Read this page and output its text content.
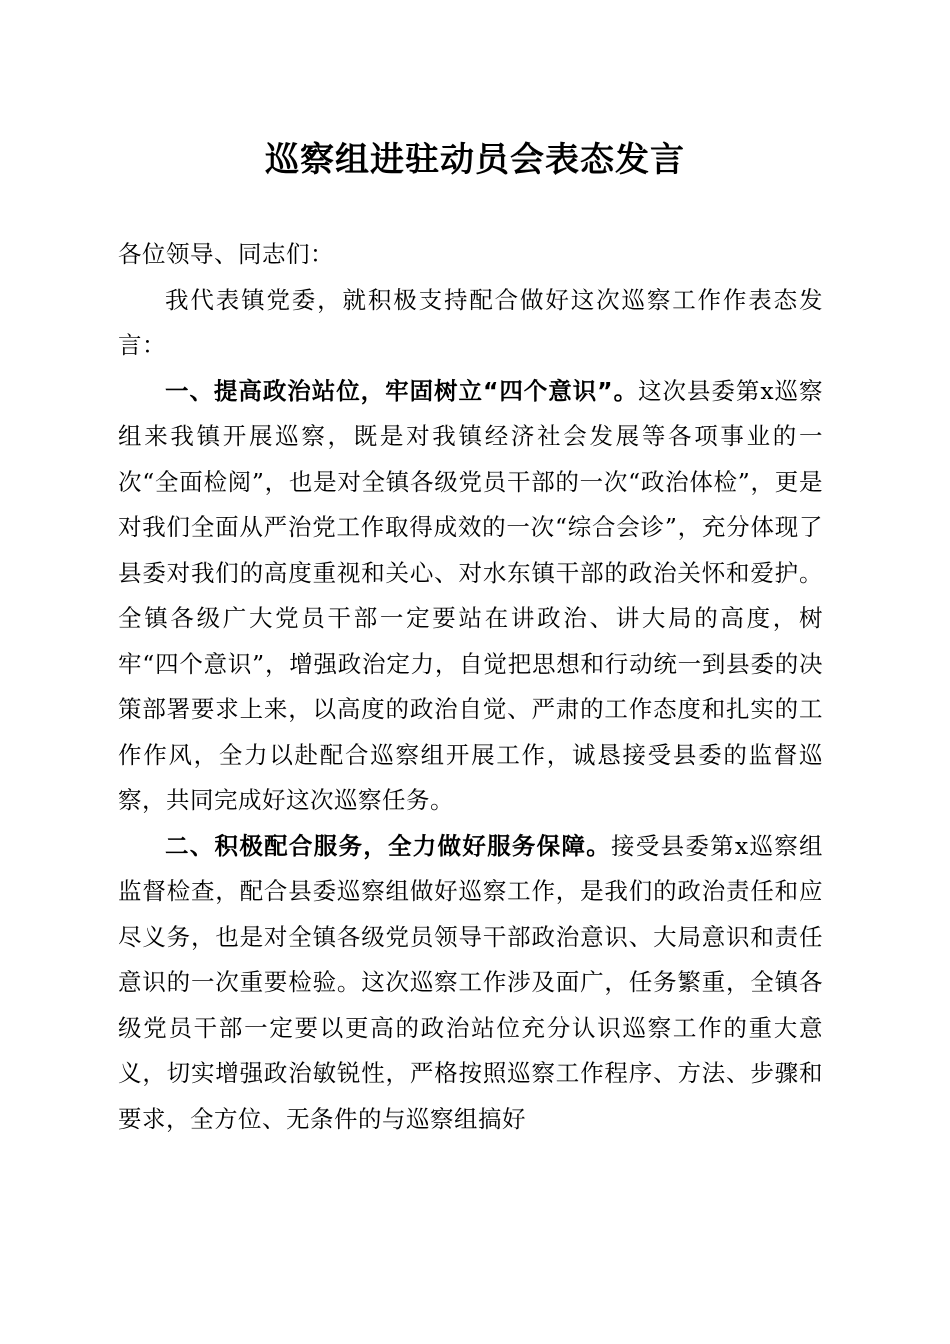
巡察组进驻动员会表态发言

各位领导、同志们：

我代表镇党委，就积极支持配合做好这次巡察工作作表态发言：

一、提高政治站位，牢固树立“四个意识”。这次县委第x巡察组来我镇开展巡察，既是对我镇经济社会发展等各项事业的一次“全面检阅”，也是对全镇各级党员干部的一次“政治体检”，更是对我们全面从严治党工作取得成效的一次“综合会诊”，充分体现了县委对我们的高度重视和关心、对水东镇干部的政治关怀和爱护。全镇各级广大党员干部一定要站在讲政治、讲大局的高度，树牢“四个意识”，增强政治定力，自觉把思想和行动统一到县委的决策部署要求上来，以高度的政治自觉、严肃的工作态度和扎实的工作作风，全力以赴配合巡察组开展工作，诚恳接受县委的监督巡察，共同完成好这次巡察任务。

二、积极配合服务，全力做好服务保障。接受县委第x巡察组监督检查，配合县委巡察组做好巡察工作，是我们的政治责任和应尽义务，也是对全镇各级党员领导干部政治意识、大局意识和责任意识的一次重要检验。这次巡察工作涉及面广，任务繁重，全镇各级党员干部一定要以更高的政治站位充分认识巡察工作的重大意义，切实增强政治敏锐性，严格按照巡察工作程序、方法、步骤和要求，全方位、无条件的与巡察组搞好
